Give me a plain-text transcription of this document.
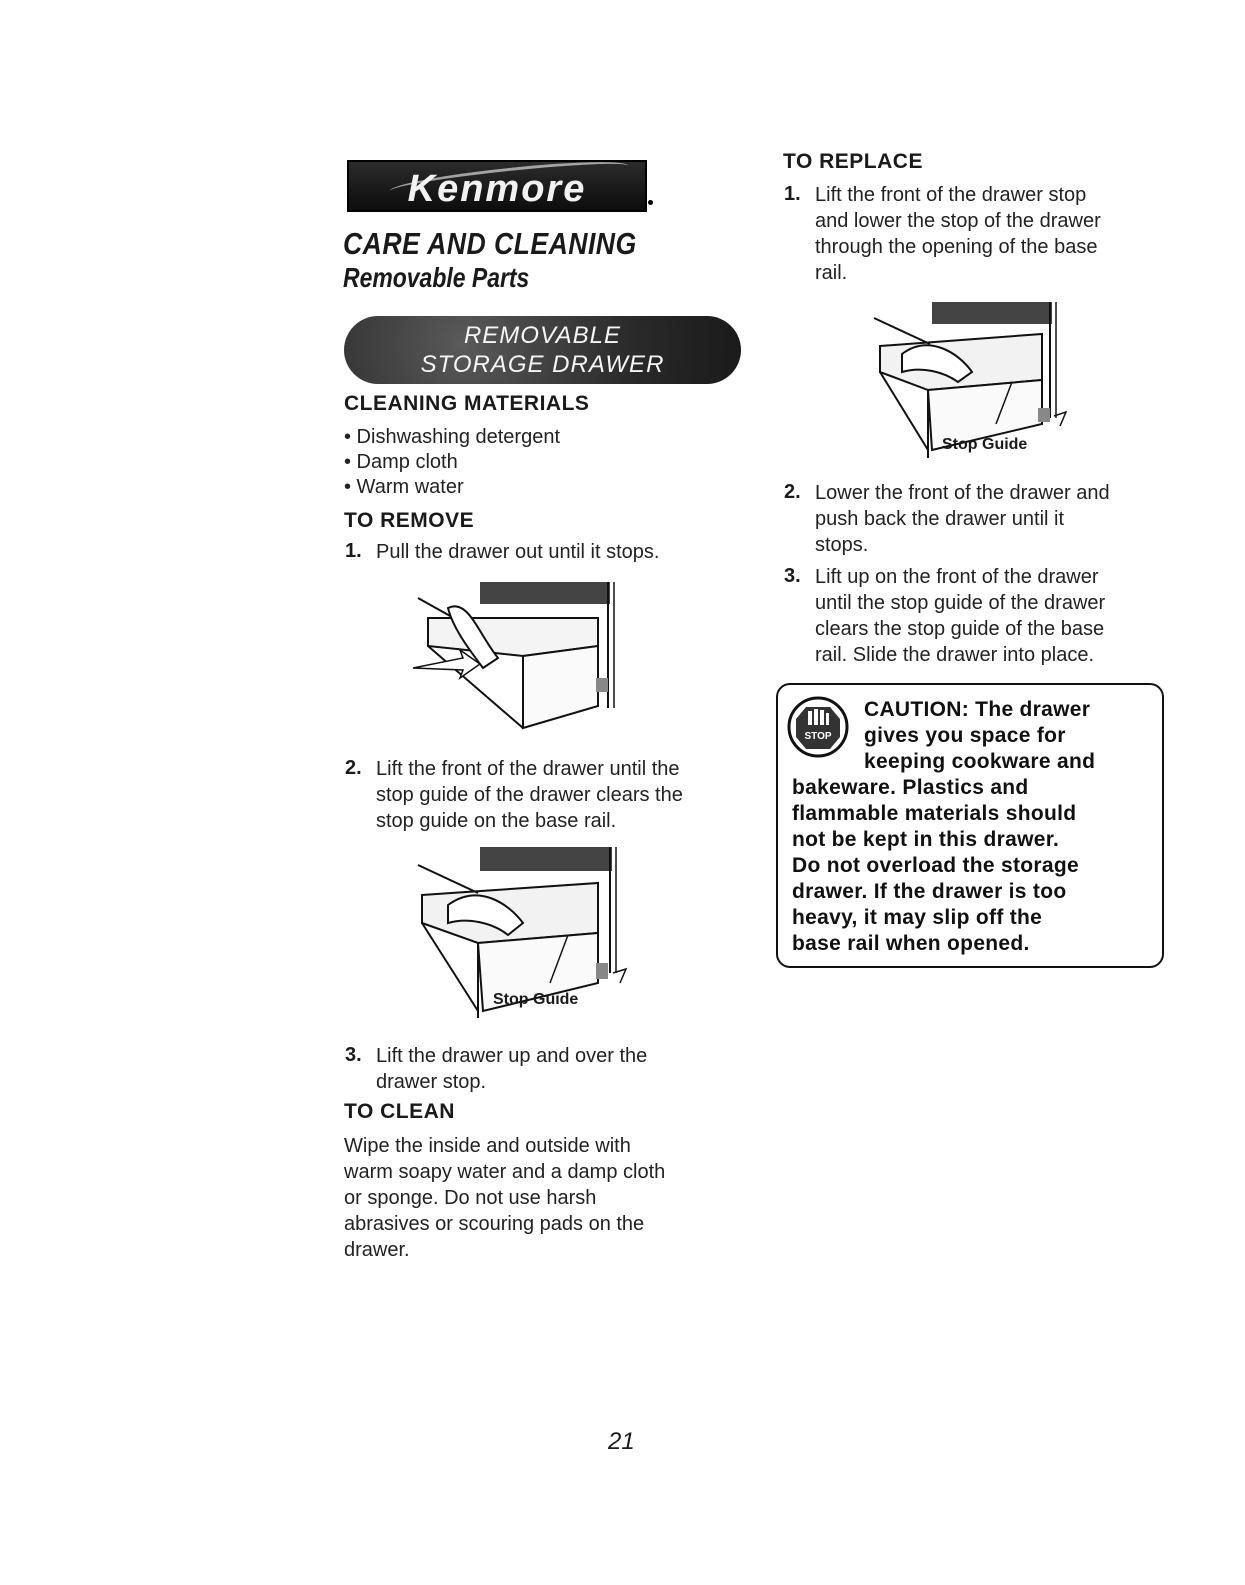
Kenmore
CARE AND CLEANING
Removable Parts
REMOVABLE
STORAGE DRAWER
CLEANING MATERIALS
• Dishwashing detergent
• Damp cloth
• Warm water
TO REMOVE
1. Pull the drawer out until it stops.
2. Lift the front of the drawer until the
stop guide of the drawer clears the
stop guide on the base rail.
Stop Guide
3. Lift the drawer up and over the
drawer stop.
TO CLEAN
Wipe the inside and outside with
warm soapy water and a damp cloth
or sponge. Do not use harsh
abrasives or scouring pads on the
drawer.
TO REPLACE
1. Lift the front of the drawer stop
and lower the stop of the drawer
through the opening of the base
rail.
Stop Guide
2. Lower the front of the drawer and
push back the drawer until it
stops.
3. Lift up on the front of the drawer
until the stop guide of the drawer
clears the stop guide of the base
rail. Slide the drawer into place.
STOP
CAUTION: The drawer
gives you space for
keeping cookware and
bakeware. Plastics and
flammable materials should
not be kept in this drawer.
Do not overload the storage
drawer. If the drawer is too
heavy, it may slip off the
base rail when opened.
21
